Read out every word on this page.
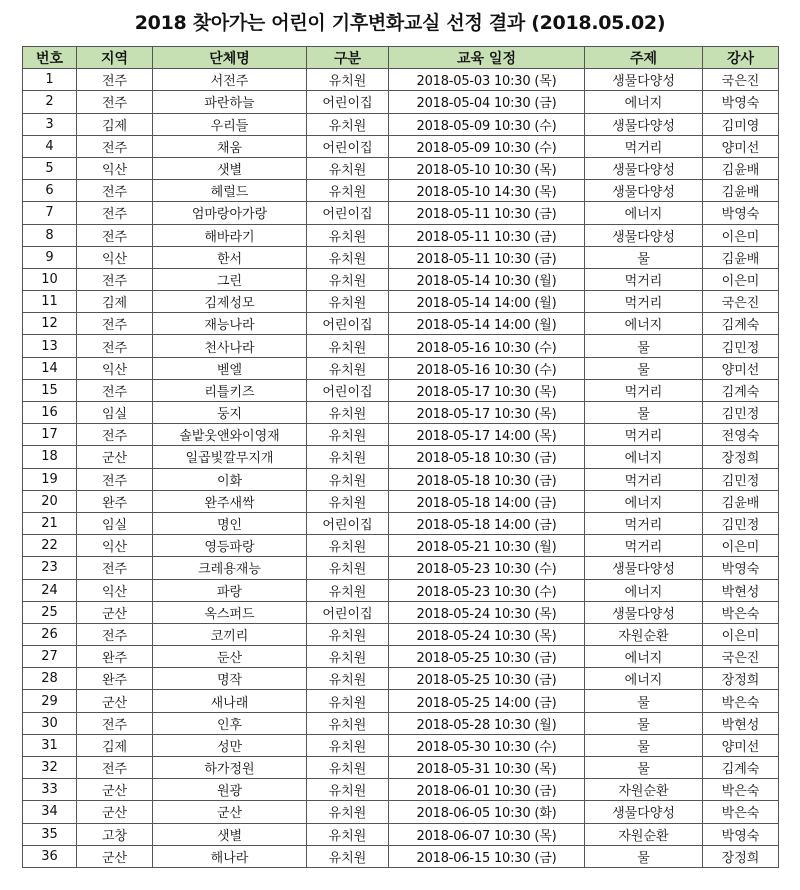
2018 찾아가는 어린이 기후변화교실 선정 결과 (2018.05.02)
번호	지역	단체명	구분	교육 일정	주제	강사
1	전주	서전주	유치원	2018-05-03 10:30 (목)	생물다양성	국은진
2	전주	파란하늘	어린이집	2018-05-04 10:30 (금)	에너지	박영숙
3	김제	우리들	유치원	2018-05-09 10:30 (수)	생물다양성	김미영
4	전주	채움	어린이집	2018-05-09 10:30 (수)	먹거리	양미선
5	익산	샛별	유치원	2018-05-10 10:30 (목)	생물다양성	김윤배
6	전주	헤럴드	유치원	2018-05-10 14:30 (목)	생물다양성	김윤배
7	전주	엄마랑아가랑	어린이집	2018-05-11 10:30 (금)	에너지	박영숙
8	전주	해바라기	유치원	2018-05-11 10:30 (금)	생물다양성	이은미
9	익산	한서	유치원	2018-05-11 10:30 (금)	물	김윤배
10	전주	그린	유치원	2018-05-14 10:30 (월)	먹거리	이은미
11	김제	김제성모	유치원	2018-05-14 14:00 (월)	먹거리	국은진
12	전주	재능나라	어린이집	2018-05-14 14:00 (월)	에너지	김계숙
13	전주	천사나라	유치원	2018-05-16 10:30 (수)	물	김민정
14	익산	벧엘	유치원	2018-05-16 10:30 (수)	물	양미선
15	전주	리틀키즈	어린이집	2018-05-17 10:30 (목)	먹거리	김계숙
16	임실	둥지	유치원	2018-05-17 10:30 (목)	물	김민정
17	전주	솔밭웃앤와이영재	유치원	2018-05-17 14:00 (목)	먹거리	전영숙
18	군산	일곱빛깔무지개	유치원	2018-05-18 10:30 (금)	에너지	장정희
19	전주	이화	유치원	2018-05-18 10:30 (금)	먹거리	김민정
20	완주	완주새싹	유치원	2018-05-18 14:00 (금)	에너지	김윤배
21	임실	명인	어린이집	2018-05-18 14:00 (금)	먹거리	김민정
22	익산	영등파랑	유치원	2018-05-21 10:30 (월)	먹거리	이은미
23	전주	크레용재능	유치원	2018-05-23 10:30 (수)	생물다양성	박영숙
24	익산	파랑	유치원	2018-05-23 10:30 (수)	에너지	박현성
25	군산	옥스퍼드	어린이집	2018-05-24 10:30 (목)	생물다양성	박은숙
26	전주	코끼리	유치원	2018-05-24 10:30 (목)	자원순환	이은미
27	완주	둔산	유치원	2018-05-25 10:30 (금)	에너지	국은진
28	완주	명작	유치원	2018-05-25 10:30 (금)	에너지	장정희
29	군산	새나래	유치원	2018-05-25 14:00 (금)	물	박은숙
30	전주	인후	유치원	2018-05-28 10:30 (월)	물	박현성
31	김제	성만	유치원	2018-05-30 10:30 (수)	물	양미선
32	전주	하가정원	유치원	2018-05-31 10:30 (목)	물	김계숙
33	군산	원광	유치원	2018-06-01 10:30 (금)	자원순환	박은숙
34	군산	군산	유치원	2018-06-05 10:30 (화)	생물다양성	박은숙
35	고창	샛별	유치원	2018-06-07 10:30 (목)	자원순환	박영숙
36	군산	해나라	유치원	2018-06-15 10:30 (금)	물	장정희
